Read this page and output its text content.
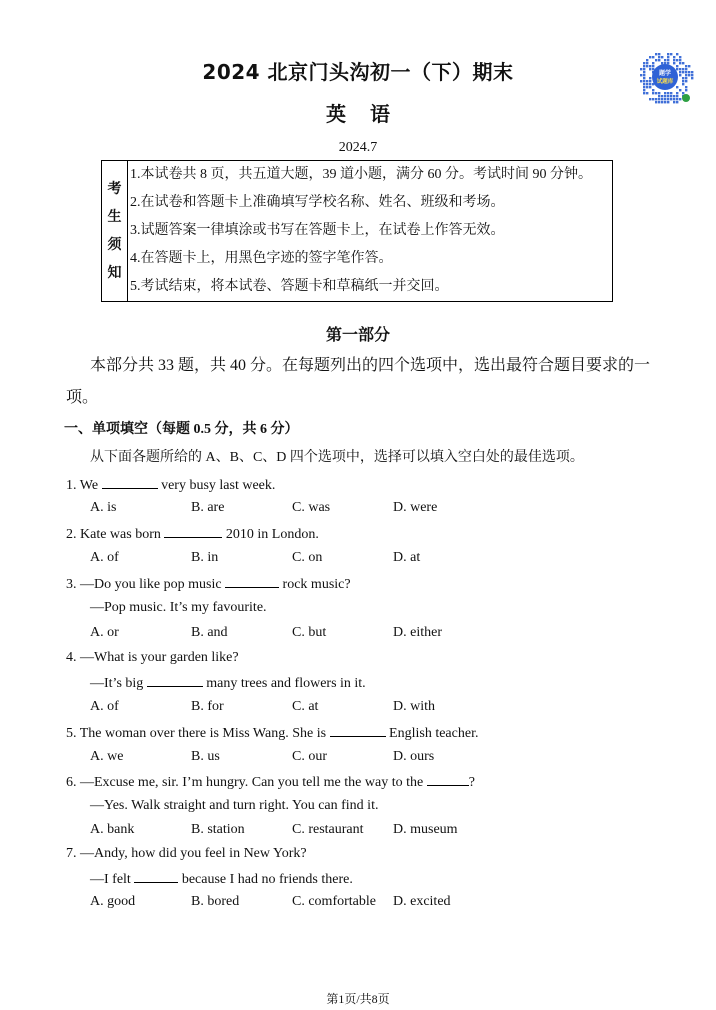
2024 北京门头沟初一（下）期末
英语
2024.7
题学
试题库
考
生
须
知
1.本试卷共 8 页，共五道大题，39 道小题，满分 60 分。考试时间 90 分钟。
2.在试卷和答题卡上准确填写学校名称、姓名、班级和考场。
3.试题答案一律填涂或书写在答题卡上，在试卷上作答无效。
4.在答题卡上，用黑色字迹的签字笔作答。
5.考试结束，将本试卷、答题卡和草稿纸一并交回。
第一部分
本部分共 33 题，共 40 分。在每题列出的四个选项中，选出最符合题目要求的一项。
一、单项填空（每题 0.5 分，共 6 分）
从下面各题所给的 A、B、C、D 四个选项中，选择可以填入空白处的最佳选项。
1. We	very busy last week.
A. is	B. are	C. was	D. were
2. Kate was born	2010 in London.
A. of	B. in	C. on	D. at
3. —Do you like pop music	rock music?
—Pop music. It’s my favourite.
A. or	B. and	C. but	D. either
4. —What is your garden like?
—It’s big	many trees and flowers in it.
A. of	B. for	C. at	D. with
5. The woman over there is Miss Wang. She is	English teacher.
A. we	B. us	C. our	D. ours
6. —Excuse me, sir. I’m hungry. Can you tell me the way to the	?
—Yes. Walk straight and turn right. You can find it.
A. bank	B. station	C. restaurant D. museum
7. —Andy, how did you feel in New York?
—I felt	because I had no friends there.
A. good	B. bored	C. comfortable D. excited
第1页/共8页
